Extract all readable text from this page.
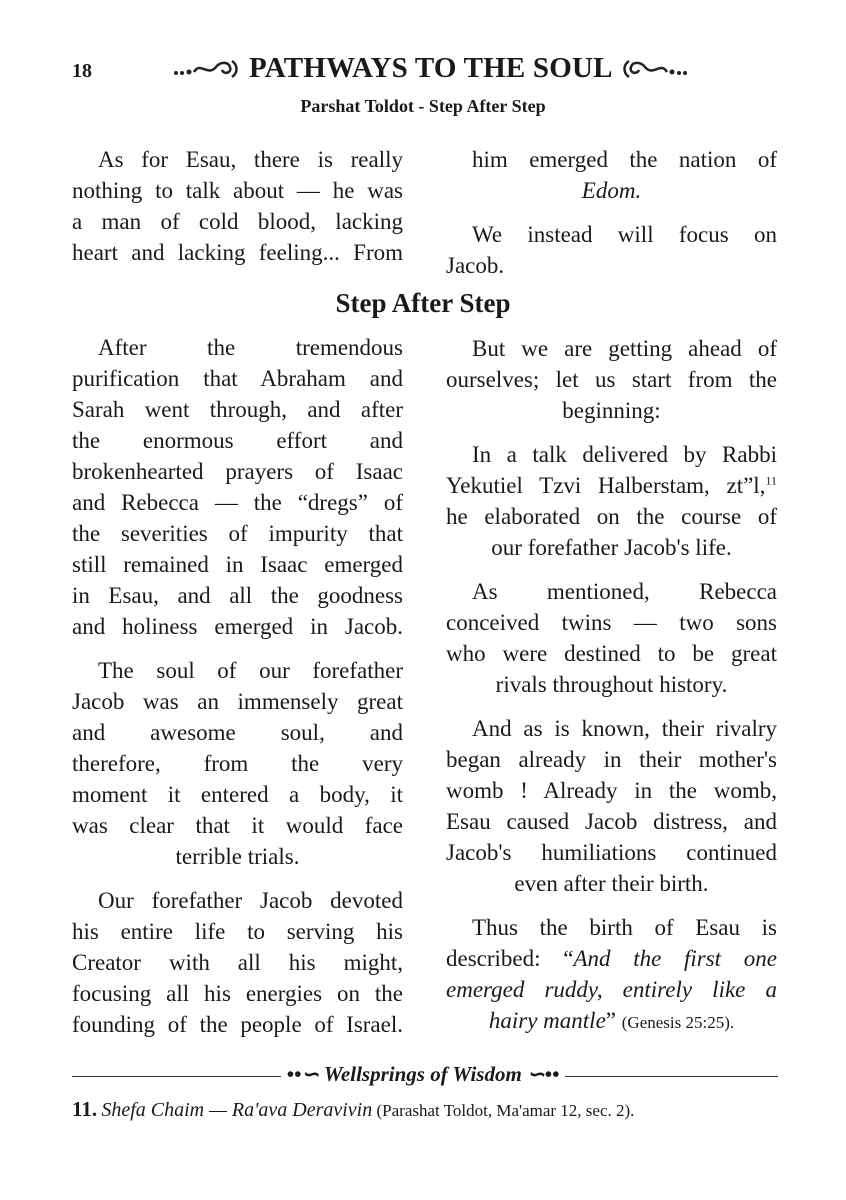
18	PATHWAYS TO THE SOUL
Parshat Toldot - Step After Step
As for Esau, there is really
nothing to talk about — he was
a man of cold blood, lacking
heart and lacking feeling... From
him emerged the nation of
Edom.
We instead will focus on
Jacob.
Step After Step
After the tremendous
purification that Abraham and
Sarah went through, and after
the enormous effort and
brokenhearted prayers of Isaac
and Rebecca — the “dregs” of
the severities of impurity that
still remained in Isaac emerged
in Esau, and all the goodness
and holiness emerged in Jacob.
The soul of our forefather
Jacob was an immensely great
and awesome soul, and
therefore, from the very
moment it entered a body, it
was clear that it would face
terrible trials.
Our forefather Jacob devoted
his entire life to serving his
Creator with all his might,
focusing all his energies on the
founding of the people of Israel.
But we are getting ahead of
ourselves; let us start from the
beginning:
In a talk delivered by Rabbi
Yekutiel Tzvi Halberstam, zt”l,$^{11}$
he elaborated on the course of
our forefather Jacob's life.
As mentioned, Rebecca
conceived twins — two sons
who were destined to be great
rivals throughout history.
And as is known, their rivalry
began already in their mother's
womb ! Already in the womb,
Esau caused Jacob distress, and
Jacob's humiliations continued
even after their birth.
Thus the birth of Esau is
described: “And the first one
emerged ruddy, entirely like a
hairy mantle” (Genesis 25:25).
••∽ Wellsprings of Wisdom ∽••
11. Shefa Chaim — Ra'ava Deravivin (Parashat Toldot, Ma'amar 12, sec. 2).
